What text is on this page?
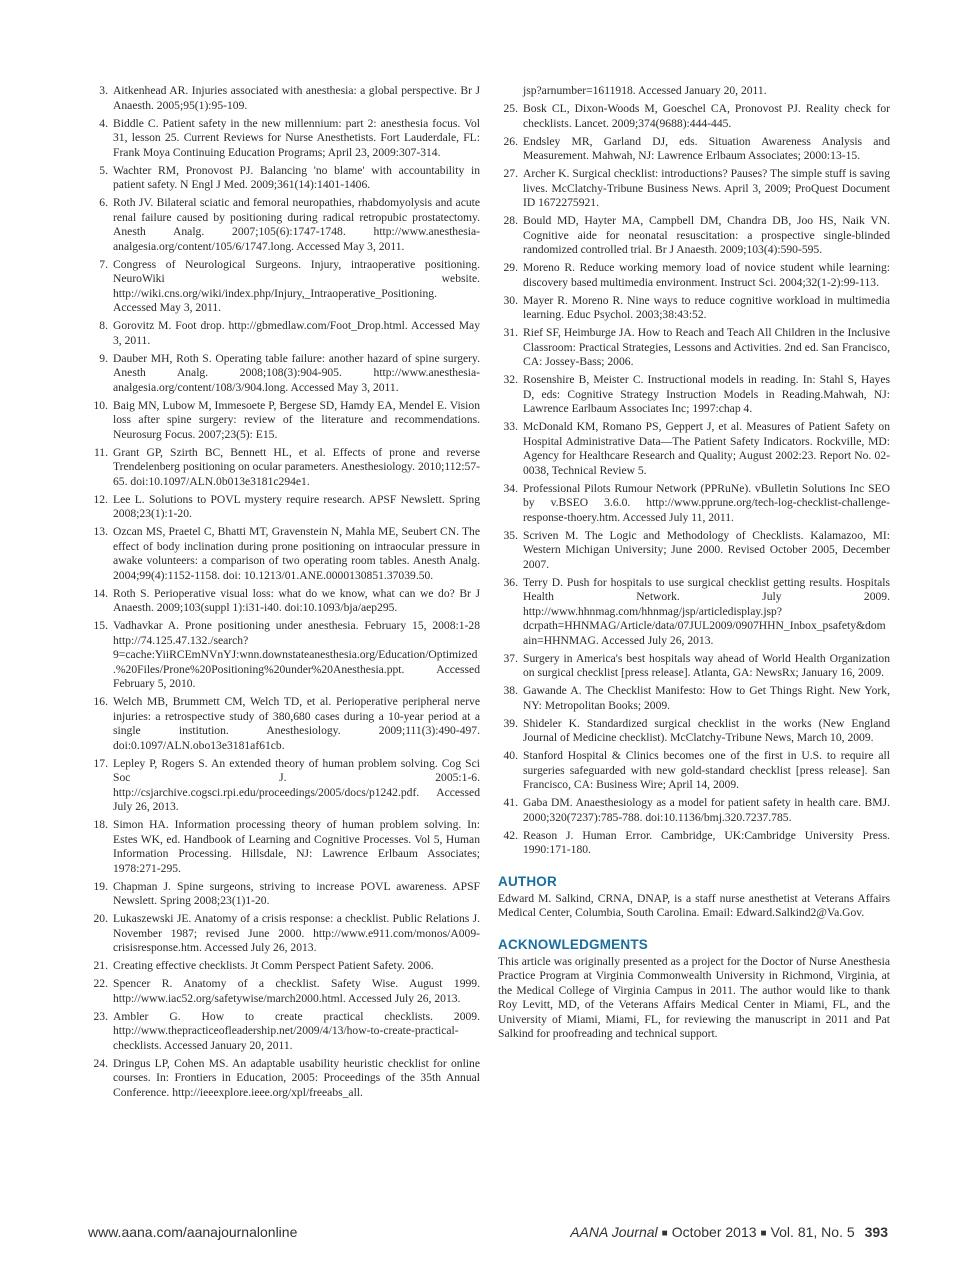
3. Aitkenhead AR. Injuries associated with anesthesia: a global perspective. Br J Anaesth. 2005;95(1):95-109.
4. Biddle C. Patient safety in the new millennium: part 2: anesthesia focus. Vol 31, lesson 25. Current Reviews for Nurse Anesthetists. Fort Lauderdale, FL: Frank Moya Continuing Education Programs; April 23, 2009:307-314.
5. Wachter RM, Pronovost PJ. Balancing 'no blame' with accountability in patient safety. N Engl J Med. 2009;361(14):1401-1406.
6. Roth JV. Bilateral sciatic and femoral neuropathies, rhabdomyolysis and acute renal failure caused by positioning during radical retropubic prostatectomy. Anesth Analg. 2007;105(6):1747-1748. http://www.anesthesia-analgesia.org/content/105/6/1747.long. Accessed May 3, 2011.
7. Congress of Neurological Surgeons. Injury, intraoperative positioning. NeuroWiki website. http://wiki.cns.org/wiki/index.php/Injury,_Intraoperative_Positioning. Accessed May 3, 2011.
8. Gorovitz M. Foot drop. http://gbmedlaw.com/Foot_Drop.html. Accessed May 3, 2011.
9. Dauber MH, Roth S. Operating table failure: another hazard of spine surgery. Anesth Analg. 2008;108(3):904-905. http://www.anesthesia-analgesia.org/content/108/3/904.long. Accessed May 3, 2011.
10. Baig MN, Lubow M, Immesoete P, Bergese SD, Hamdy EA, Mendel E. Vision loss after spine surgery: review of the literature and recommendations. Neurosurg Focus. 2007;23(5): E15.
11. Grant GP, Szirth BC, Bennett HL, et al. Effects of prone and reverse Trendelenberg positioning on ocular parameters. Anesthesiology. 2010;112:57-65. doi:10.1097/ALN.0b013e3181c294e1.
12. Lee L. Solutions to POVL mystery require research. APSF Newslett. Spring 2008;23(1):1-20.
13. Ozcan MS, Praetel C, Bhatti MT, Gravenstein N, Mahla ME, Seubert CN. The effect of body inclination during prone positioning on intraocular pressure in awake volunteers: a comparison of two operating room tables. Anesth Analg. 2004;99(4):1152-1158. doi: 10.1213/01.ANE.0000130851.37039.50.
14. Roth S. Perioperative visual loss: what do we know, what can we do? Br J Anaesth. 2009;103(suppl 1):i31-i40. doi:10.1093/bja/aep295.
15. Vadhavkar A. Prone positioning under anesthesia. February 15, 2008:1-28 http://74.125.47.132./search?9=cache:YiiRCEmNVnYJ:wnn.downstateanesthesia.org/Education/Optimized.%20Files/Prone%20Positioning%20under%20Anesthesia.ppt. Accessed February 5, 2010.
16. Welch MB, Brummett CM, Welch TD, et al. Perioperative peripheral nerve injuries: a retrospective study of 380,680 cases during a 10-year period at a single institution. Anesthesiology. 2009;111(3):490-497. doi:0.1097/ALN.obo13e3181af61cb.
17. Lepley P, Rogers S. An extended theory of human problem solving. Cog Sci Soc J. 2005:1-6. http://csjarchive.cogsci.rpi.edu/proceedings/2005/docs/p1242.pdf. Accessed July 26, 2013.
18. Simon HA. Information processing theory of human problem solving. In: Estes WK, ed. Handbook of Learning and Cognitive Processes. Vol 5, Human Information Processing. Hillsdale, NJ: Lawrence Erlbaum Associates; 1978:271-295.
19. Chapman J. Spine surgeons, striving to increase POVL awareness. APSF Newslett. Spring 2008;23(1)1-20.
20. Lukaszewski JE. Anatomy of a crisis response: a checklist. Public Relations J. November 1987; revised June 2000. http://www.e911.com/monos/A009-crisisresponse.htm. Accessed July 26, 2013.
21. Creating effective checklists. Jt Comm Perspect Patient Safety. 2006.
22. Spencer R. Anatomy of a checklist. Safety Wise. August 1999. http://www.iac52.org/safetywise/march2000.html. Accessed July 26, 2013.
23. Ambler G. How to create practical checklists. 2009. http://www.thepracticeofleadership.net/2009/4/13/how-to-create-practical-checklists. Accessed January 20, 2011.
24. Dringus LP, Cohen MS. An adaptable usability heuristic checklist for online courses. In: Frontiers in Education, 2005: Proceedings of the 35th Annual Conference. http://ieeexplore.ieee.org/xpl/freeabs_all.
jsp?arnumber=1611918. Accessed January 20, 2011.
25. Bosk CL, Dixon-Woods M, Goeschel CA, Pronovost PJ. Reality check for checklists. Lancet. 2009;374(9688):444-445.
26. Endsley MR, Garland DJ, eds. Situation Awareness Analysis and Measurement. Mahwah, NJ: Lawrence Erlbaum Associates; 2000:13-15.
27. Archer K. Surgical checklist: introductions? Pauses? The simple stuff is saving lives. McClatchy-Tribune Business News. April 3, 2009; ProQuest Document ID 1672275921.
28. Bould MD, Hayter MA, Campbell DM, Chandra DB, Joo HS, Naik VN. Cognitive aide for neonatal resuscitation: a prospective single-blinded randomized controlled trial. Br J Anaesth. 2009;103(4):590-595.
29. Moreno R. Reduce working memory load of novice student while learning: discovery based multimedia environment. Instruct Sci. 2004;32(1-2):99-113.
30. Mayer R. Moreno R. Nine ways to reduce cognitive workload in multimedia learning. Educ Psychol. 2003;38:43:52.
31. Rief SF, Heimburge JA. How to Reach and Teach All Children in the Inclusive Classroom: Practical Strategies, Lessons and Activities. 2nd ed. San Francisco, CA: Jossey-Bass; 2006.
32. Rosenshire B, Meister C. Instructional models in reading. In: Stahl S, Hayes D, eds: Cognitive Strategy Instruction Models in Reading.Mahwah, NJ: Lawrence Earlbaum Associates Inc; 1997:chap 4.
33. McDonald KM, Romano PS, Geppert J, et al. Measures of Patient Safety on Hospital Administrative Data—The Patient Safety Indicators. Rockville, MD: Agency for Healthcare Research and Quality; August 2002:23. Report No. 02-0038, Technical Review 5.
34. Professional Pilots Rumour Network (PPRuNe). vBulletin Solutions Inc SEO by v.BSEO 3.6.0. http://www.pprune.org/tech-log-checklist-challenge-response-thoery.htm. Accessed July 11, 2011.
35. Scriven M. The Logic and Methodology of Checklists. Kalamazoo, MI: Western Michigan University; June 2000. Revised October 2005, December 2007.
36. Terry D. Push for hospitals to use surgical checklist getting results. Hospitals Health Network. July 2009. http://www.hhnmag.com/hhnmag/jsp/articledisplay.jsp?dcrpath=HHNMAG/Article/data/07JUL2009/0907HHN_Inbox_psafety&domain=HHNMAG. Accessed July 26, 2013.
37. Surgery in America's best hospitals way ahead of World Health Organization on surgical checklist [press release]. Atlanta, GA: NewsRx; January 16, 2009.
38. Gawande A. The Checklist Manifesto: How to Get Things Right. New York, NY: Metropolitan Books; 2009.
39. Shideler K. Standardized surgical checklist in the works (New England Journal of Medicine checklist). McClatchy-Tribune News, March 10, 2009.
40. Stanford Hospital & Clinics becomes one of the first in U.S. to require all surgeries safeguarded with new gold-standard checklist [press release]. San Francisco, CA: Business Wire; April 14, 2009.
41. Gaba DM. Anaesthesiology as a model for patient safety in health care. BMJ. 2000;320(7237):785-788. doi:10.1136/bmj.320.7237.785.
42. Reason J. Human Error. Cambridge, UK:Cambridge University Press. 1990:171-180.
AUTHOR
Edward M. Salkind, CRNA, DNAP, is a staff nurse anesthetist at Veterans Affairs Medical Center, Columbia, South Carolina. Email: Edward.Salkind2@Va.Gov.
ACKNOWLEDGMENTS
This article was originally presented as a project for the Doctor of Nurse Anesthesia Practice Program at Virginia Commonwealth University in Richmond, Virginia, at the Medical College of Virginia Campus in 2011. The author would like to thank Roy Levitt, MD, of the Veterans Affairs Medical Center in Miami, FL, and the University of Miami, Miami, FL, for reviewing the manuscript in 2011 and Pat Salkind for proofreading and technical support.
www.aana.com/aanajournalonline	AANA Journal ■ October 2013 ■ Vol. 81, No. 5 393
